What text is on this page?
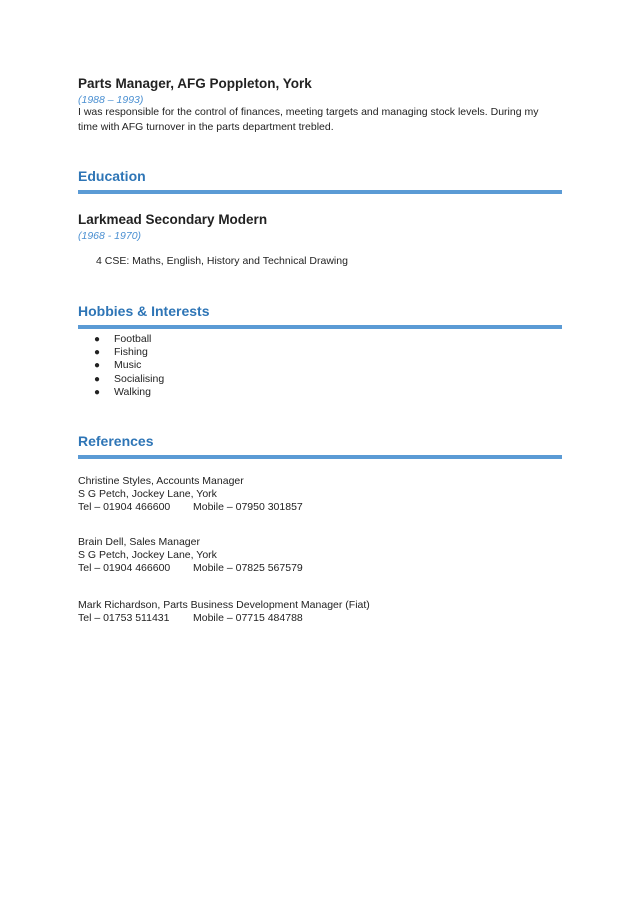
Parts Manager, AFG Poppleton, York
(1988 – 1993)
I was responsible for the control of finances, meeting targets and managing stock levels. During my time with AFG turnover in the parts department trebled.
Education
Larkmead Secondary Modern
(1968 - 1970)
4 CSE: Maths, English, History and Technical Drawing
Hobbies & Interests
● Football
● Fishing
● Music
● Socialising
● Walking
References
Christine Styles, Accounts Manager
S G Petch, Jockey Lane, York
Tel – 01904 466600 Mobile – 07950 301857
Brain Dell, Sales Manager
S G Petch, Jockey Lane, York
Tel – 01904 466600 Mobile – 07825 567579
Mark Richardson, Parts Business Development Manager (Fiat)
Tel – 01753 511431 Mobile – 07715 484788
